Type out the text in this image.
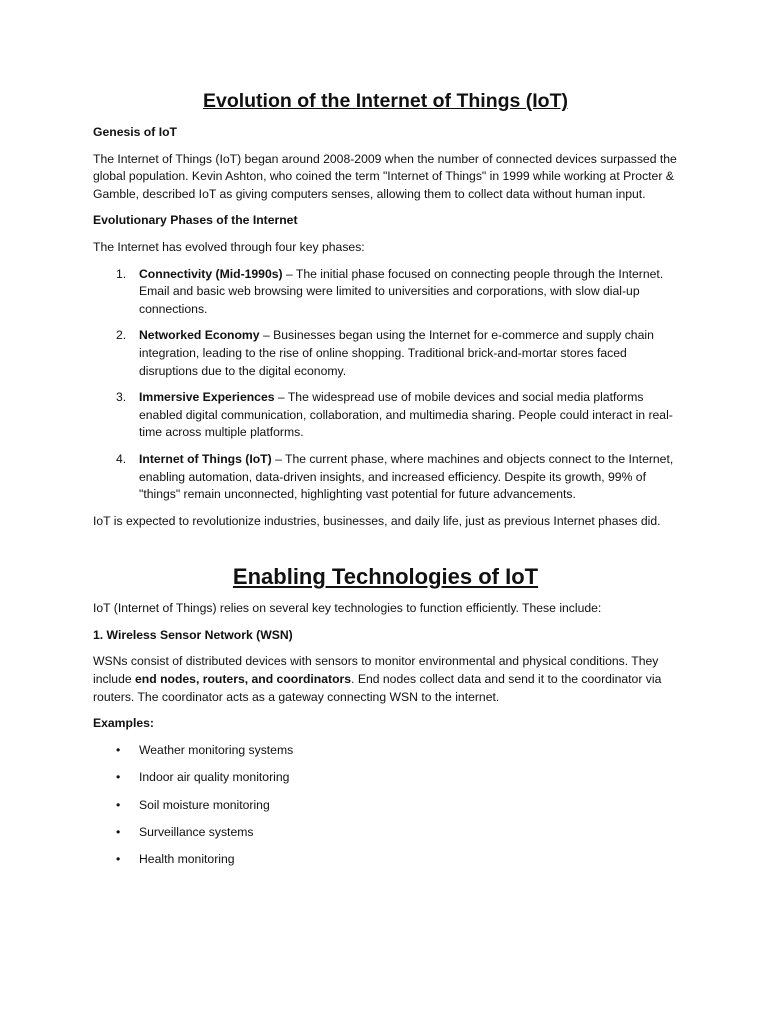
Evolution of the Internet of Things (IoT)
Genesis of IoT

The Internet of Things (IoT) began around 2008-2009 when the number of connected devices surpassed the global population. Kevin Ashton, who coined the term "Internet of Things" in 1999 while working at Procter & Gamble, described IoT as giving computers senses, allowing them to collect data without human input.

Evolutionary Phases of the Internet

The Internet has evolved through four key phases:

1. Connectivity (Mid-1990s) – The initial phase focused on connecting people through the Internet. Email and basic web browsing were limited to universities and corporations, with slow dial-up connections.
2. Networked Economy – Businesses began using the Internet for e-commerce and supply chain integration, leading to the rise of online shopping. Traditional brick-and-mortar stores faced disruptions due to the digital economy.
3. Immersive Experiences – The widespread use of mobile devices and social media platforms enabled digital communication, collaboration, and multimedia sharing. People could interact in real-time across multiple platforms.
4. Internet of Things (IoT) – The current phase, where machines and objects connect to the Internet, enabling automation, data-driven insights, and increased efficiency. Despite its growth, 99% of "things" remain unconnected, highlighting vast potential for future advancements.

IoT is expected to revolutionize industries, businesses, and daily life, just as previous Internet phases did.

Enabling Technologies of IoT

IoT (Internet of Things) relies on several key technologies to function efficiently. These include:

1. Wireless Sensor Network (WSN)

WSNs consist of distributed devices with sensors to monitor environmental and physical conditions. They include end nodes, routers, and coordinators. End nodes collect data and send it to the coordinator via routers. The coordinator acts as a gateway connecting WSN to the internet.

Examples:
• Weather monitoring systems
• Indoor air quality monitoring
• Soil moisture monitoring
• Surveillance systems
• Health monitoring
